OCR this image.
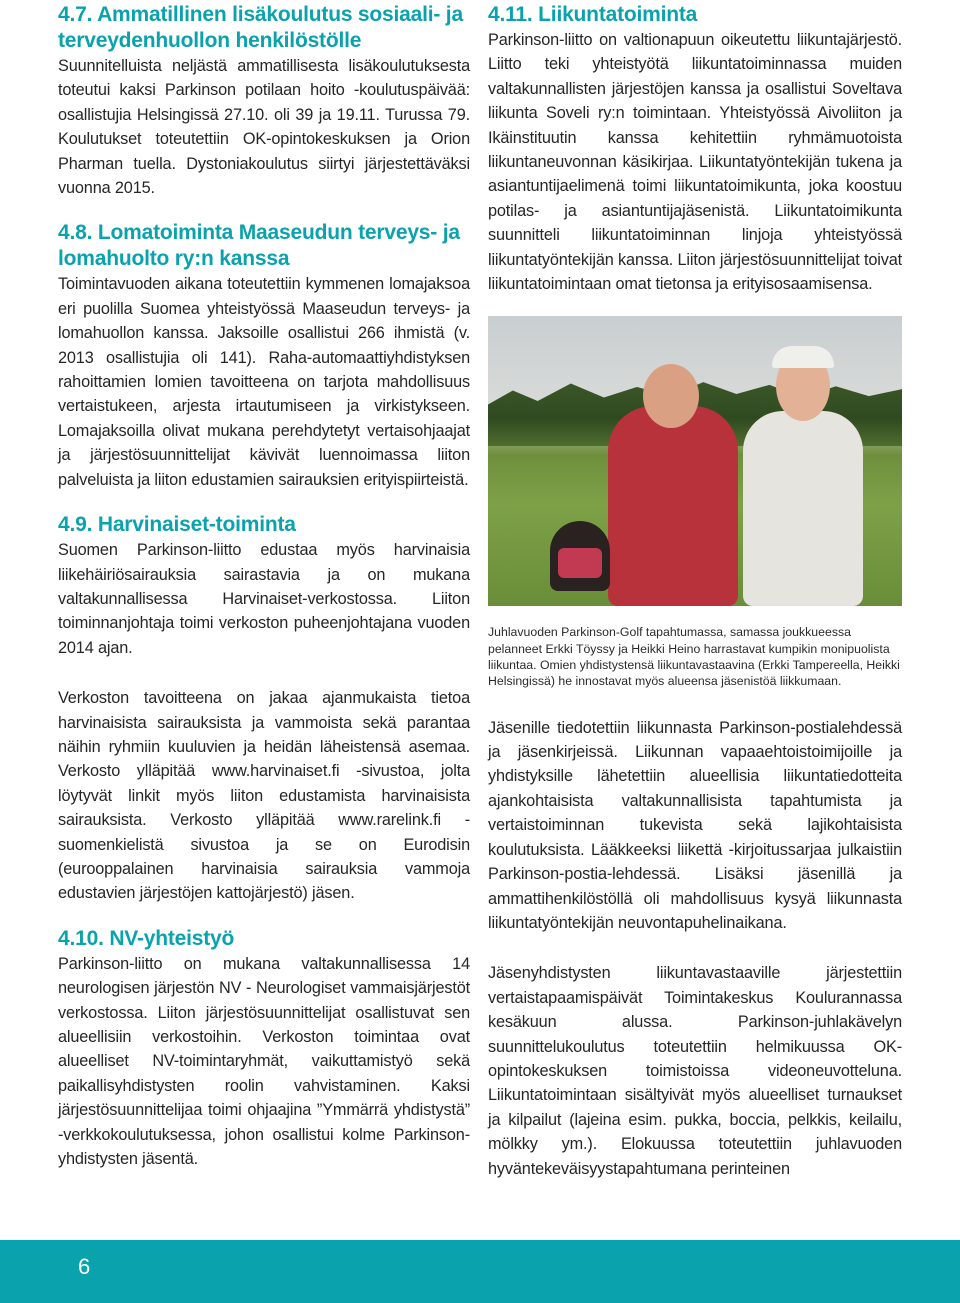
4.7. Ammatillinen lisäkoulutus sosiaali- ja terveydenhuollon henkilöstölle

Suunnitelluista neljästä ammatillisesta lisäkoulutuksesta toteutui kaksi Parkinson potilaan hoito -koulutuspäivää: osallistujia Helsingissä 27.10. oli 39 ja 19.11. Turussa 79. Koulutukset toteutettiin OK-opintokeskuksen ja Orion Pharman tuella. Dystoniakoulutus siirtyi järjestettäväksi vuonna 2015.

4.8. Lomatoiminta Maaseudun terveys- ja lomahuolto ry:n kanssa

Toimintavuoden aikana toteutettiin kymmenen lomajaksoa eri puolilla Suomea yhteistyössä Maaseudun terveys- ja lomahuollon kanssa. Jaksoille osallistui 266 ihmistä (v. 2013 osallistujia oli 141). Raha-automaattiyhdistyksen rahoittamien lomien tavoitteena on tarjota mahdollisuus vertaistukeen, arjesta irtautumiseen ja virkistykseen. Lomajaksoilla olivat mukana perehdytetyt vertaisohjaajat ja järjestösuunnittelijat kävivät luennoimassa liiton palveluista ja liiton edustamien sairauksien erityispiirteistä.

4.9. Harvinaiset-toiminta

Suomen Parkinson-liitto edustaa myös harvinaisia liikehäiriösairauksia sairastavia ja on mukana valtakunnallisessa Harvinaiset-verkostossa. Liiton toiminnanjohtaja toimi verkoston puheenjohtajana vuoden 2014 ajan.

Verkoston tavoitteena on jakaa ajanmukaista tietoa harvinaisista sairauksista ja vammoista sekä parantaa näihin ryhmiin kuuluvien ja heidän läheistensä asemaa. Verkosto ylläpitää www.harvinaiset.fi -sivustoa, jolta löytyvät linkit myös liiton edustamista harvinaisista sairauksista. Verkosto ylläpitää www.rarelink.fi -suomenkielistä sivustoa ja se on Eurodisin (eurooppalainen harvinaisia sairauksia vammoja edustavien järjestöjen kattojärjestö) jäsen.

4.10. NV-yhteistyö

Parkinson-liitto on mukana valtakunnallisessa 14 neurologisen järjestön NV - Neurologiset vammaisjärjestöt verkostossa. Liiton järjestösuunnittelijat osallistuvat sen alueellisiin verkostoihin. Verkoston toimintaa ovat alueelliset NV-toimintaryhmät, vaikuttamistyö sekä paikallisyhdistysten roolin vahvistaminen. Kaksi järjestösuunnittelijaa toimi ohjaajina ”Ymmärrä yhdistystä” -verkkokoulutuksessa, johon osallistui kolme Parkinson-yhdistysten jäsentä.

4.11. Liikuntatoiminta

Parkinson-liitto on valtionapuun oikeutettu liikuntajärjestö. Liitto teki yhteistyötä liikuntatoiminnassa muiden valtakunnallisten järjestöjen kanssa ja osallistui Soveltava liikunta Soveli ry:n toimintaan. Yhteistyössä Aivoliiton ja Ikäinstituutin kanssa kehitettiin ryhmämuotoista liikuntaneuvonnan käsikirjaa. Liikuntatyöntekijän tukena ja asiantuntijaelimenä toimi liikuntatoimikunta, joka koostuu potilas- ja asiantuntijajäsenistä. Liikuntatoimikunta suunnitteli liikuntatoiminnan linjoja yhteistyössä liikuntatyöntekijän kanssa. Liiton järjestösuunnittelijat toivat liikuntatoimintaan omat tietonsa ja erityisosaamisensa.

Juhlavuoden Parkinson-Golf tapahtumassa, samassa joukkueessa pelanneet Erkki Töyssy ja Heikki Heino harrastavat kumpikin monipuolista liikuntaa. Omien yhdistystensä liikuntavastaavina (Erkki Tampereella, Heikki Helsingissä) he innostavat myös alueensa jäsenistöä liikkumaan.

Jäsenille tiedotettiin liikunnasta Parkinson-postialehdessä ja jäsenkirjeissä. Liikunnan vapaaehtoistoimijoille ja yhdistyksille lähetettiin alueellisia liikuntatiedotteita ajankohtaisista valtakunnallisista tapahtumista ja vertaistoiminnan tukevista sekä lajikohtaisista koulutuksista. Lääkkeeksi liikettä -kirjoitussarjaa julkaistiin Parkinson-postia-lehdessä. Lisäksi jäsenillä ja ammattihenkilöstöllä oli mahdollisuus kysyä liikunnasta liikuntatyöntekijän neuvontapuhelinaikana.

Jäsenyhdistysten liikuntavastaaville järjestettiin vertaistapaamispäivät Toimintakeskus Koulurannassa kesäkuun alussa. Parkinson-juhlakävelyn suunnittelukoulutus toteutettiin helmikuussa OK-opintokeskuksen toimistoissa videoneuvotteluna. Liikuntatoimintaan sisältyivät myös alueelliset turnaukset ja kilpailut (lajeina esim. pukka, boccia, pelkkis, keilailu, mölkky ym.). Elokuussa toteutettiin juhlavuoden hyväntekeväisyystapahtumana perinteinen

6
